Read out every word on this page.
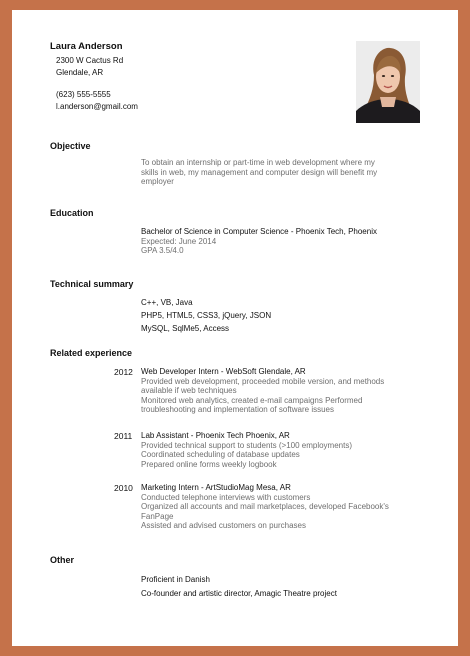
Laura Anderson
2300 W Cactus Rd
Glendale, AR
(623) 555-5555
l.anderson@gmail.com
Objective
To obtain an internship or part-time in web development where my
skills in web, my management and computer design will benefit my
employer
Education
Bachelor of Science in Computer Science - Phoenix Tech, Phoenix
Expected: June 2014
GPA 3.5/4.0
Technical summary
C++, VB, Java
PHP5, HTML5, CSS3, jQuery, JSON
MySQL, SqlMe5, Access
Related experience
2012 Web Developer Intern - WebSoft Glendale, AR
Provided web development, proceeded mobile version, and methods
available if web techniques
Monitored web analytics, created e-mail campaigns Performed
troubleshooting and implementation of software issues
2011 Lab Assistant - Phoenix Tech Phoenix, AR
Provided technical support to students (>100 employments)
Coordinated scheduling of database updates
Prepared online forms weekly logbook
2010 Marketing Intern - ArtStudioMag Mesa, AR
Conducted telephone interviews with customers
Organized all accounts and mail marketplaces, developed Facebook's
FanPage
Assisted and advised customers on purchases
Other
Proficient in Danish
Co-founder and artistic director, Amagic Theatre project
